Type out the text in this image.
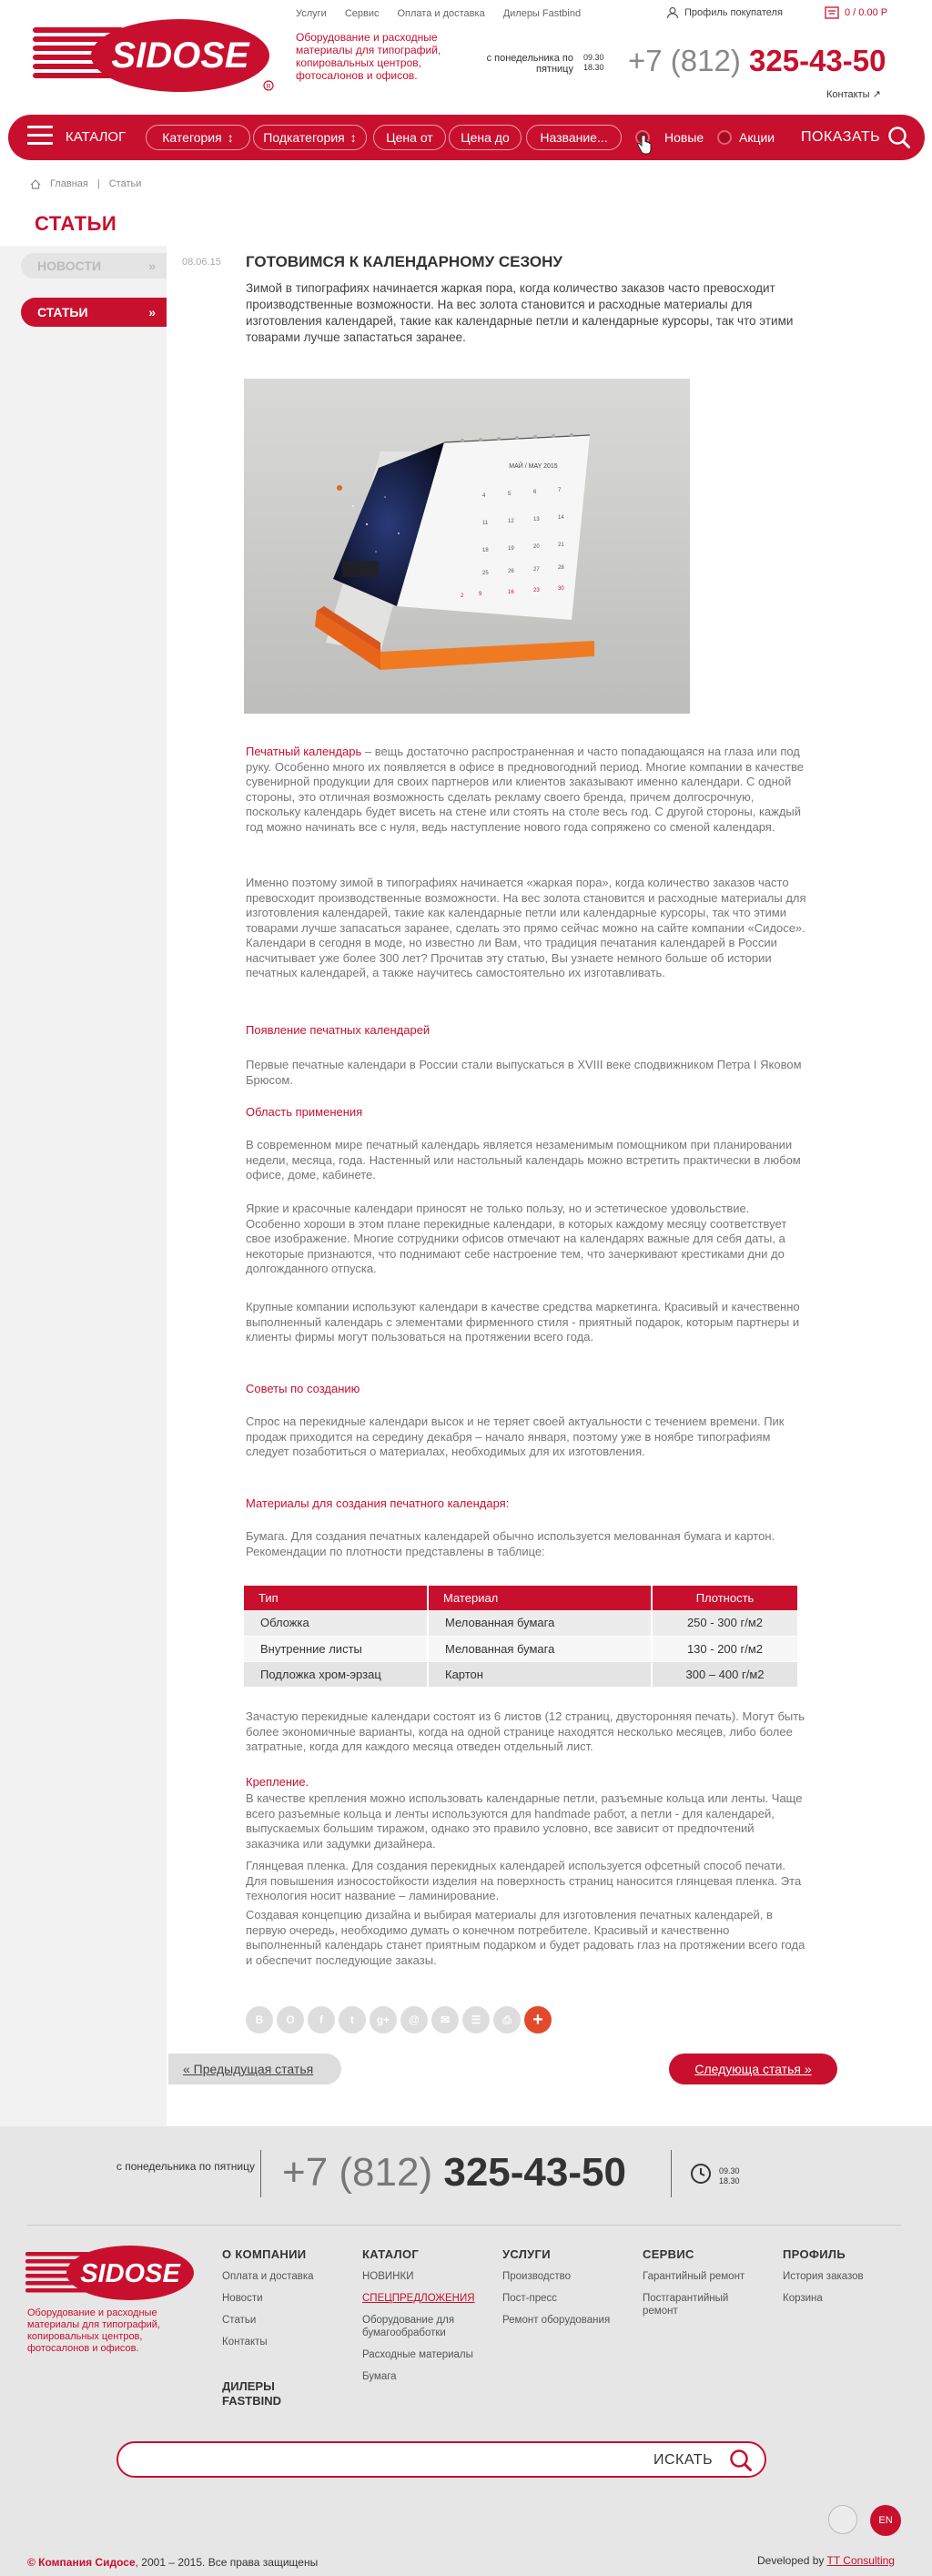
Услуги Сервис Оплата и доставка Дилеры Fastbind	Профиль покупателя	0 / 0.00 Р
SIDOSE
R
Оборудование и расходные материалы для типографий, копировальных центров, фотосалонов и офисов.
с понедельника по пятницу
09.30 18.30 +7 (812) 325-43-50
Контакты ↗
КАТАЛОГ	Категория ↕ Подкатегория ↕	Цена от	Цена до	Название...	Новые	Акции ПОКАЗАТЬ
Главная | Статьи
СТАТЬИ
НОВОСТИ	»
СТАТЬИ	»
08.06.15 ГОТОВИМСЯ К КАЛЕНДАРНОМУ СЕЗОНУ
Зимой в типографиях начинается жаркая пора, когда количество заказов часто превосходит производственные возможности. На вес золота становится и расходные материалы для изготовления календарей, такие как календарные петли и календарные курсоры, так что этими товарами лучше запастаться заранее.
МАЙ / MAY 2015
2	9	16	23	30
4	5	6	7
11	12	13	14
18	19	20	21
25	26	27	28
Печатный календарь – вещь достаточно распространенная и часто попадающаяся на глаза или под руку. Особенно много их появляется в офисе в предновогодний период. Многие компании в качестве сувенирной продукции для своих партнеров или клиентов заказывают именно календари. С одной стороны, это отличная возможность сделать рекламу своего бренда, причем долгосрочную, поскольку календарь будет висеть на стене или стоять на столе весь год. С другой стороны, каждый год можно начинать все с нуля, ведь наступление нового года сопряжено со сменой календаря.
Именно поэтому зимой в типографиях начинается «жаркая пора», когда количество заказов часто превосходит производственные возможности. На вес золота становится и расходные материалы для изготовления календарей, такие как календарные петли или календарные курсоры, так что этими товарами лучше запасаться заранее, сделать это прямо сейчас можно на сайте компании «Сидосе». Календари в сегодня в моде, но известно ли Вам, что традиция печатания календарей в России насчитывает уже более 300 лет? Прочитав эту статью, Вы узнаете немного больше об истории печатных календарей, а также научитесь самостоятельно их изготавливать.
Появление печатных календарей
Первые печатные календари в России стали выпускаться в XVIII веке сподвижником Петра I Яковом Брюсом.
Область применения
В современном мире печатный календарь является незаменимым помощником при планировании недели, месяца, года. Настенный или настольный календарь можно встретить практически в любом офисе, доме, кабинете.
Яркие и красочные календари приносят не только пользу, но и эстетическое удовольствие. Особенно хороши в этом плане перекидные календари, в которых каждому месяцу соответствует свое изображение. Многие сотрудники офисов отмечают на календарях важные для себя даты, а некоторые признаются, что поднимают себе настроение тем, что зачеркивают крестиками дни до долгожданного отпуска.
Крупные компании используют календари в качестве средства маркетинга. Красивый и качественно выполненный календарь с элементами фирменного стиля - приятный подарок, которым партнеры и клиенты фирмы могут пользоваться на протяжении всего года.
Советы по созданию
Спрос на перекидные календари высок и не теряет своей актуальности с течением времени. Пик продаж приходится на середину декабря – начало января, поэтому уже в ноябре типографиям следует позаботиться о материалах, необходимых для их изготовления.
Материалы для создания печатного календаря:
Бумага. Для создания печатных календарей обычно используется мелованная бумага и картон. Рекомендации по плотности представлены в таблице:
Тип	Материал	Плотность
Обложка	Мелованная бумага	250 - 300 г/м2
Внутренние листы	Мелованная бумага	130 - 200 г/м2
Подложка хром-эрзац	Картон	300 – 400 г/м2
Зачастую перекидные календари состоят из 6 листов (12 страниц, двусторонняя печать). Могут быть более экономичные варианты, когда на одной странице находятся несколько месяцев, либо более затратные, когда для каждого месяца отведен отдельный лист.
Крепление.
В качестве крепления можно использовать календарные петли, разъемные кольца или ленты. Чаще всего разъемные кольца и ленты используются для handmade работ, а петли - для календарей, выпускаемых большим тиражом, однако это правило условно, все зависит от предпочтений заказчика или задумки дизайнера.
Глянцевая пленка. Для создания перекидных календарей используется офсетный способ печати. Для повышения износостойкости изделия на поверхность страниц наносится глянцевая пленка. Эта технология носит название – ламинирование.
Создавая концепцию дизайна и выбирая материалы для изготовления печатных календарей, в первую очередь, необходимо думать о конечном потребителе. Красивый и качественно выполненный календарь станет приятным подарком и будет радовать глаз на протяжении всего года и обеспечит последующие заказы.
В	О	f	t	g+	@	✉	☰	⎙	+
« Предыдущая статья	Следующа статья »
с понедельника по пятницу +7 (812) 325-43-50	09.30 18.30
SIDOSE
Оборудование и расходные материалы для типографий, копировальных центров, фотосалонов и офисов.
О КОМПАНИИ
Оплата и доставка
Новости
Статьи
Контакты
ДИЛЕРЫ FASTBIND
КАТАЛОГ
НОВИНКИ
СПЕЦПРЕДЛОЖЕНИЯ
Оборудование для бумагообработки
Расходные материалы
Бумага
УСЛУГИ
Производство
Пост-пресс
Ремонт оборудования
СЕРВИС
Гарантийный ремонт
Постгарантийный ремонт
ПРОФИЛЬ
История заказов
Корзина
ИСКАТЬ
EN
© Компания Сидосе, 2001 – 2015. Все права защищены	Developed by TT Consulting
